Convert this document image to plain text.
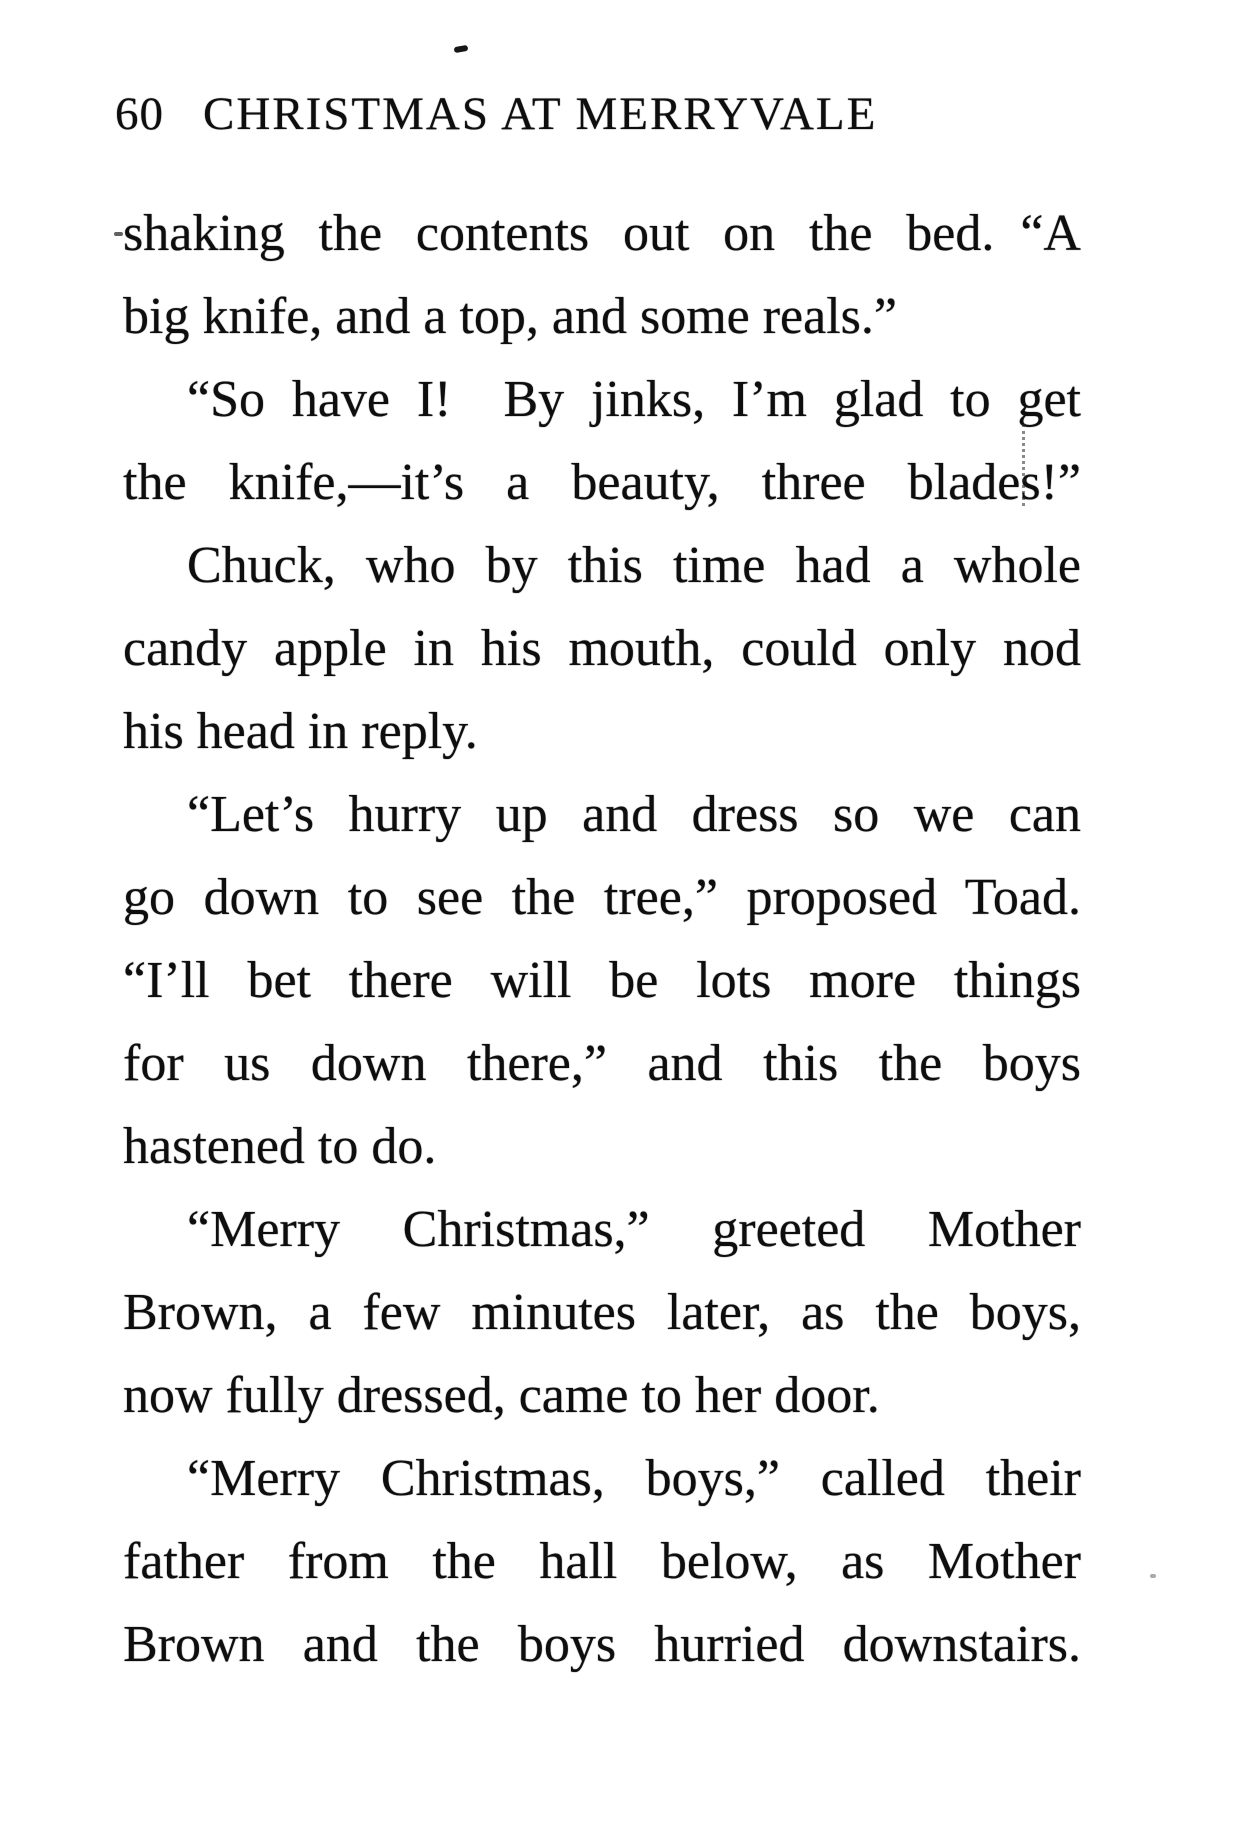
60 CHRISTMAS AT MERRYVALE
shaking the contents out on the bed. “A
big knife, and a top, and some reals.”
“So have I! By jinks, I’m glad to get
the knife,—it’s a beauty, three blades!”
Chuck, who by this time had a whole
candy apple in his mouth, could only nod
his head in reply.
“Let’s hurry up and dress so we can
go down to see the tree,” proposed Toad.
“I’ll bet there will be lots more things
for us down there,” and this the boys
hastened to do.
“Merry Christmas,” greeted Mother
Brown, a few minutes later, as the boys,
now fully dressed, came to her door.
“Merry Christmas, boys,” called their
father from the hall below, as Mother
Brown and the boys hurried downstairs.
